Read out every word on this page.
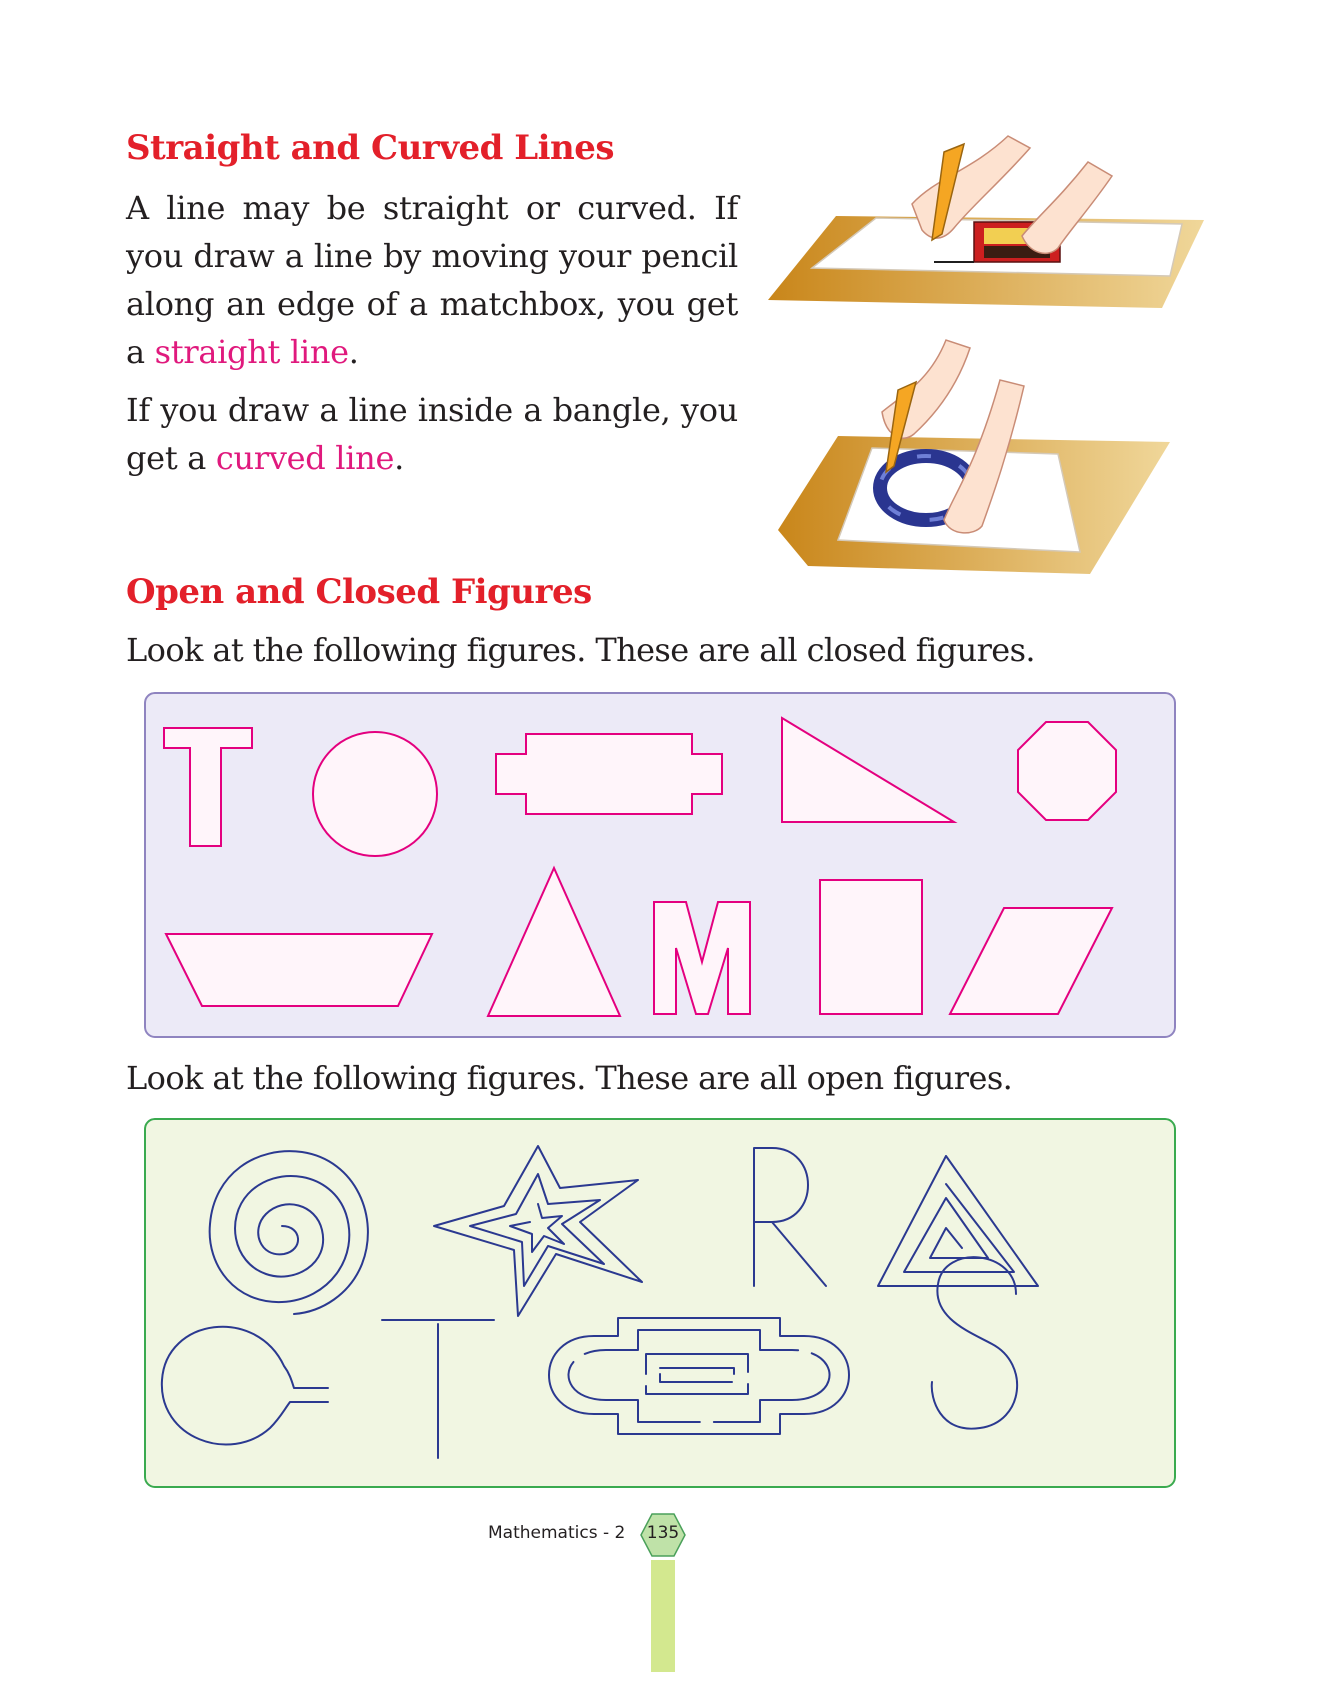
Straight and Curved Lines

A line may be straight or curved. If you draw a line by moving your pencil along an edge of a matchbox, you get a straight line.

If you draw a line inside a bangle, you get a curved line.

Open and Closed Figures

Look at the following figures. These are all closed figures.

Look at the following figures. These are all open figures.

Mathematics - 2	135
